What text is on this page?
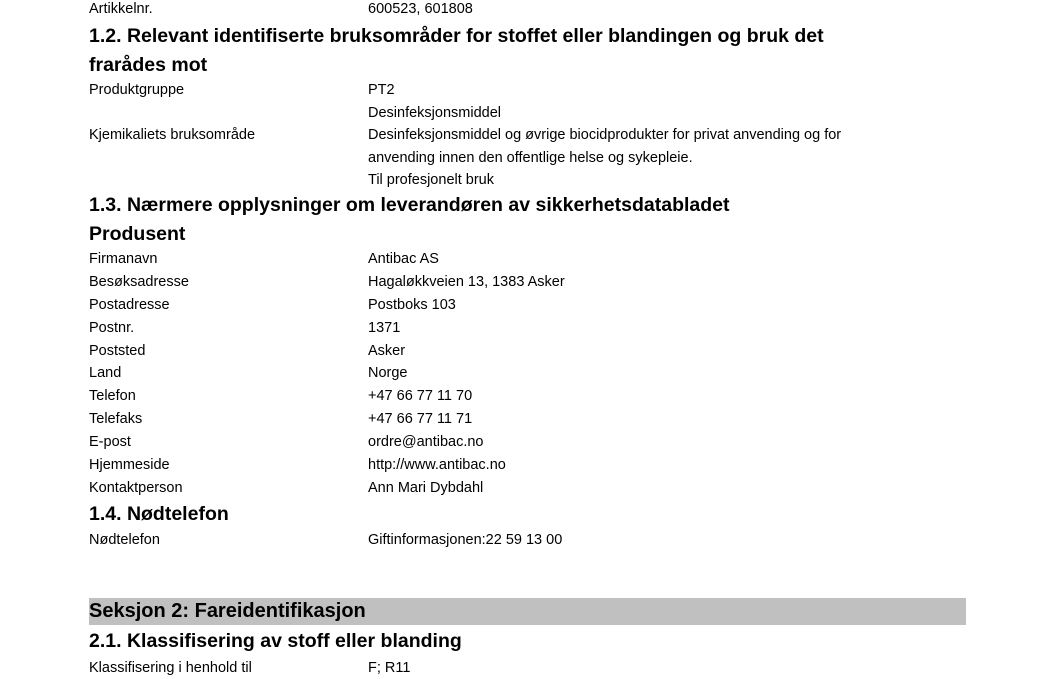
Artikkelnr.	600523, 601808
1.2. Relevant identifiserte bruksområder for stoffet eller blandingen og bruk det
frarådes mot
Produktgruppe	PT2
Desinfeksjonsmiddel
Kjemikaliets bruksområde	Desinfeksjonsmiddel og øvrige biocidprodukter for privat anvending og for
anvending innen den offentlige helse og sykepleie.
Til profesjonelt bruk
1.3. Nærmere opplysninger om leverandøren av sikkerhetsdatabladet
Produsent
Firmanavn	Antibac AS
Besøksadresse	Hagaløkkveien 13, 1383 Asker
Postadresse	Postboks 103
Postnr.	1371
Poststed	Asker
Land	Norge
Telefon	+47 66 77 11 70
Telefaks	+47 66 77 11 71
E-post	ordre@antibac.no
Hjemmeside	http://www.antibac.no
Kontaktperson	Ann Mari Dybdahl
1.4. Nødtelefon
Nødtelefon	Giftinformasjonen:22 59 13 00
Seksjon 2: Fareidentifikasjon
2.1. Klassifisering av stoff eller blanding
Klassifisering i henhold til	F; R11
